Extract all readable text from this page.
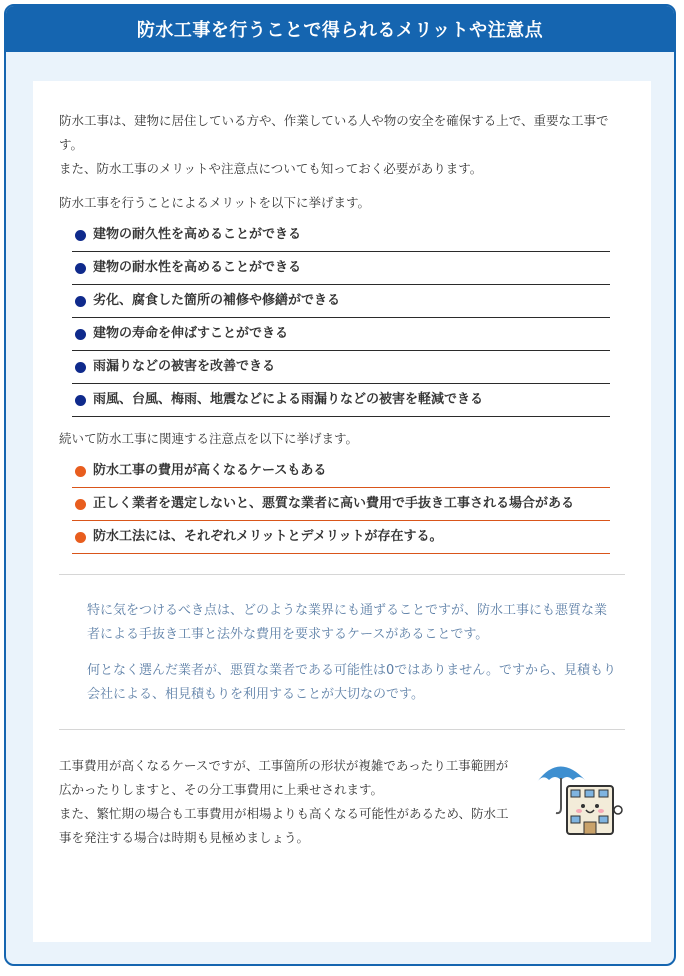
防水工事を行うことで得られるメリットや注意点

防水工事は、建物に居住している方や、作業している人や物の安全を確保する上で、重要な工事です。

また、防水工事のメリットや注意点についても知っておく必要があります。

防水工事を行うことによるメリットを以下に挙げます。

建物の耐久性を高めることができる
建物の耐水性を高めることができる
劣化、腐食した箇所の補修や修繕ができる
建物の寿命を伸ばすことができる
雨漏りなどの被害を改善できる
雨風、台風、梅雨、地震などによる雨漏りなどの被害を軽減できる

続いて防水工事に関連する注意点を以下に挙げます。

防水工事の費用が高くなるケースもある
正しく業者を選定しないと、悪質な業者に高い費用で手抜き工事される場合がある
防水工法には、それぞれメリットとデメリットが存在する。

特に気をつけるべき点は、どのような業界にも通ずることですが、防水工事にも悪質な業者による手抜き工事と法外な費用を要求するケースがあることです。

何となく選んだ業者が、悪質な業者である可能性は0ではありません。ですから、見積もり会社による、相見積もりを利用することが大切なのです。

工事費用が高くなるケースですが、工事箇所の形状が複雑であったり工事範囲が広かったりしますと、その分工事費用に上乗せされます。

また、繁忙期の場合も工事費用が相場よりも高くなる可能性があるため、防水工事を発注する場合は時期も見極めましょう。
